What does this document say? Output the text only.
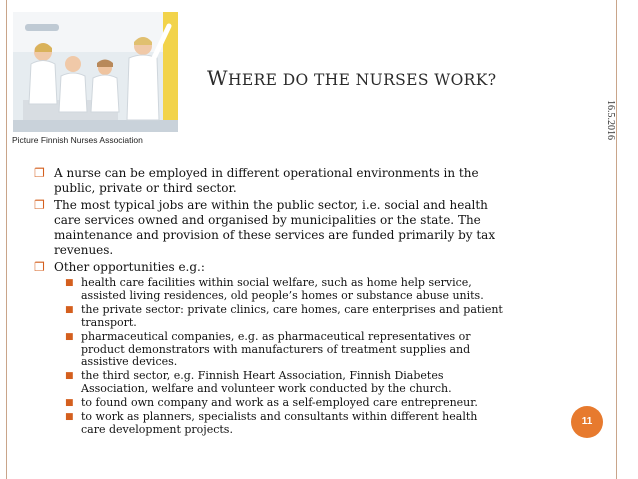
Picture Finnish Nurses Association
WHERE DO THE NURSES WORK?
16.5.2016
❐ A nurse can be employed in different operational environments in the
public, private or third sector.
❐ The most typical jobs are within the public sector, i.e. social and health
care services owned and organised by municipalities or the state. The
maintenance and provision of these services are funded primarily by tax
revenues.
❐ Other opportunities e.g.:
■ health care facilities within social welfare, such as home help service,
assisted living residences, old people’s homes or substance abuse units.
■ the private sector: private clinics, care homes, care enterprises and patient
transport.
■ pharmaceutical companies, e.g. as pharmaceutical representatives or
product demonstrators with manufacturers of treatment supplies and
assistive devices.
■ the third sector, e.g. Finnish Heart Association, Finnish Diabetes
Association, welfare and volunteer work conducted by the church.
■ to found own company and work as a self-employed care entrepreneur.
■ to work as planners, specialists and consultants within different health
care development projects.
11
